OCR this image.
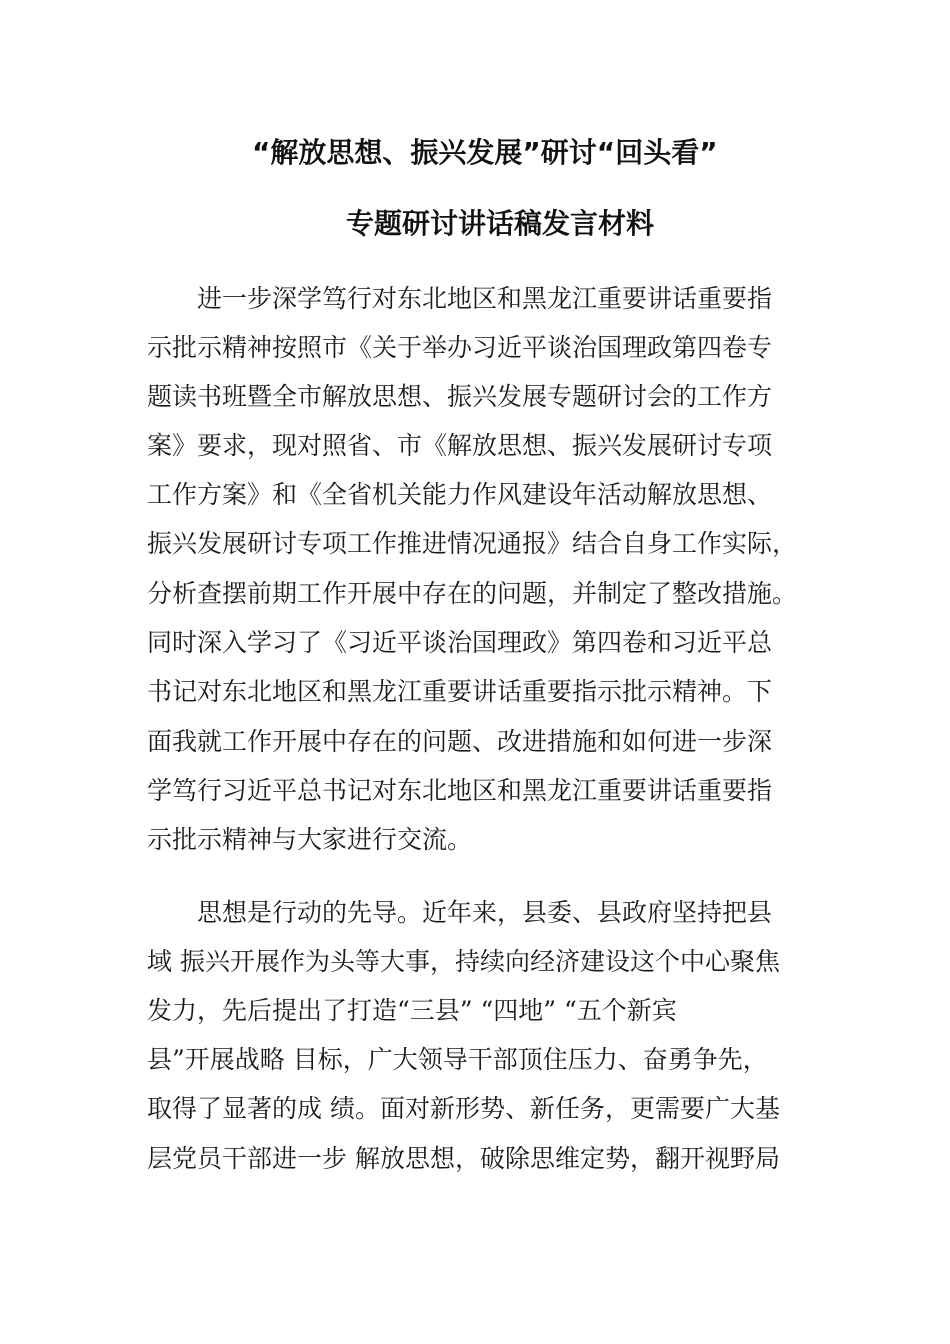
“解放思想、振兴发展”研讨“回头看”
专题研讨讲话稿发言材料

进一步深学笃行对东北地区和黑龙江重要讲话重要指

示批示精神按照市《关于举办习近平谈治国理政第四卷专

题读书班暨全市解放思想、振兴发展专题研讨会的工作方

案》要求，现对照省、市《解放思想、振兴发展研讨专项

工作方案》和《全省机关能力作风建设年活动解放思想、

振兴发展研讨专项工作推进情况通报》结合自身工作实际，

分析查摆前期工作开展中存在的问题，并制定了整改措施。

同时深入学习了《习近平谈治国理政》第四卷和习近平总

书记对东北地区和黑龙江重要讲话重要指示批示精神。下

面我就工作开展中存在的问题、改进措施和如何进一步深

学笃行习近平总书记对东北地区和黑龙江重要讲话重要指

示批示精神与大家进行交流。

思想是行动的先导。近年来，县委、县政府坚持把县

域 振兴开展作为头等大事，持续向经济建设这个中心聚焦

发力，先后提出了打造“三县” “四地” “五个新宾

县”开展战略 目标，广大领导干部顶住压力、奋勇争先，

取得了显著的成 绩。面对新形势、新任务，更需要广大基

层党员干部进一步 解放思想，破除思维定势，翻开视野局
